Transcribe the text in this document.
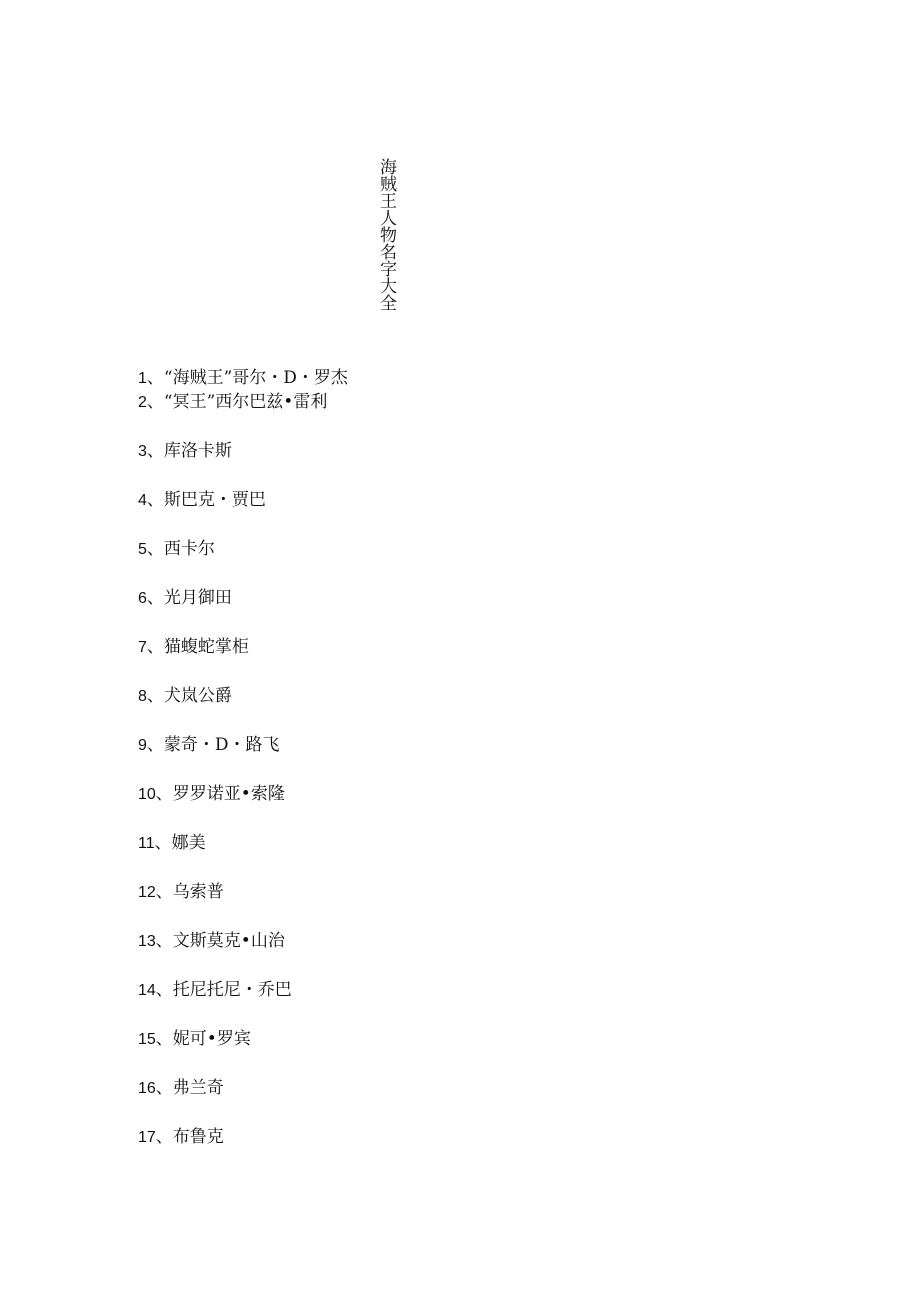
海贼王人物名字大全
1、“海贼王”哥尔・D・罗杰
2、“冥王”西尔巴兹•雷利
3、库洛卡斯
4、斯巴克・贾巴
5、西卡尔
6、光月御田
7、猫蝮蛇掌柜
8、犬岚公爵
9、蒙奇・D・路飞
10、罗罗诺亚•索隆
11、娜美
12、乌索普
13、文斯莫克•山治
14、托尼托尼・乔巴
15、妮可•罗宾
16、弗兰奇
17、布鲁克
